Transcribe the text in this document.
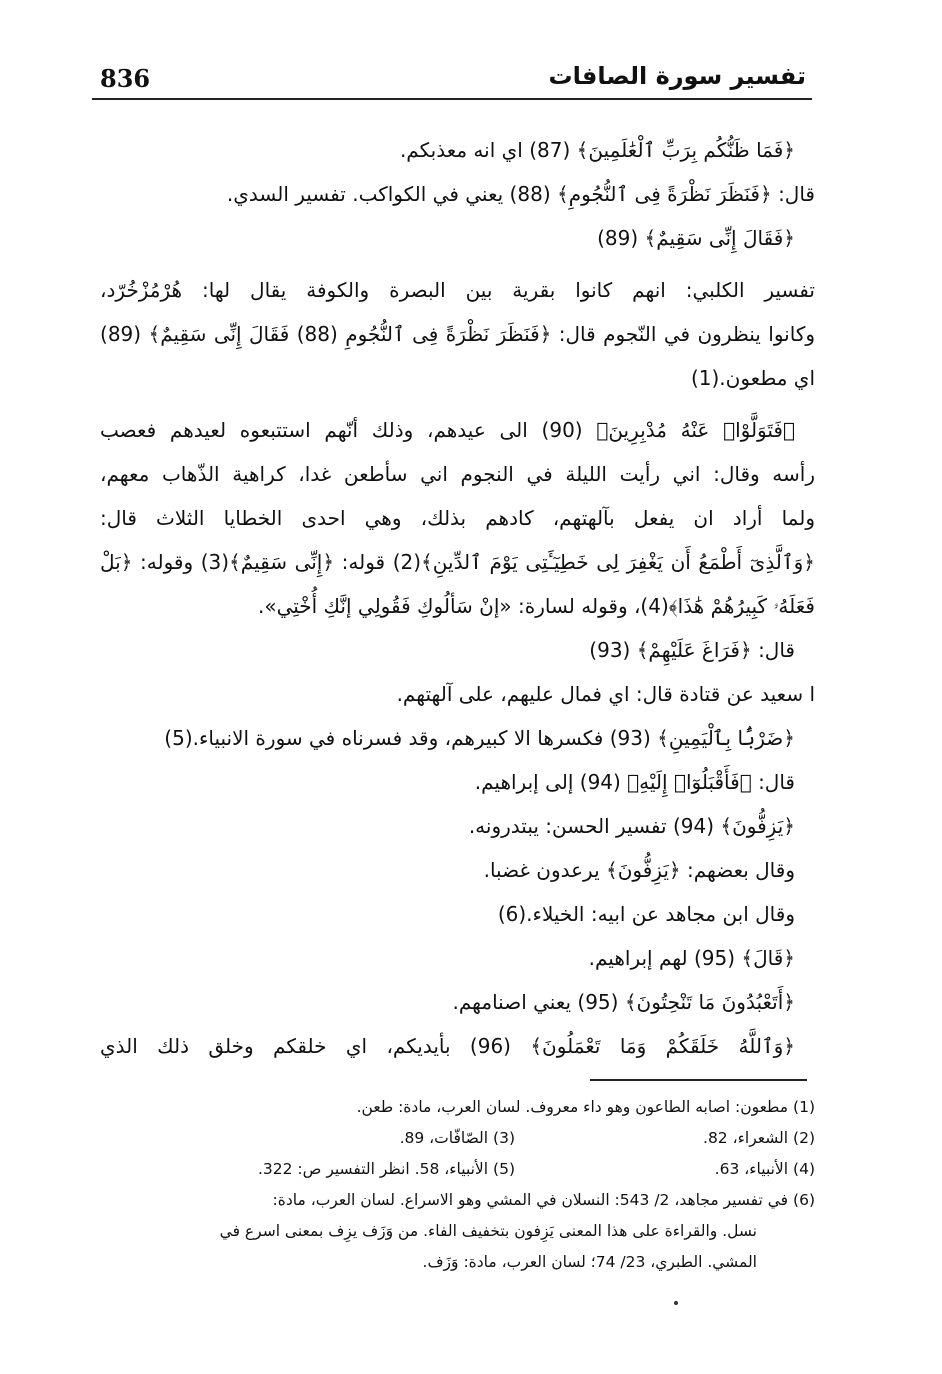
836	تفسير سورة الصافات
﴿فَمَا ظَنُّكُم بِرَبِّ ٱلْعَٰلَمِينَ﴾ (87) اي انه معذبكم.
قال: ﴿فَنَظَرَ نَظْرَةً فِى ٱلنُّجُومِ﴾ (88) يعني في الكواكب. تفسير السدي.
﴿فَقَالَ إِنِّى سَقِيمٌ﴾ (89)
تفسير الكلبي: انهم كانوا بقرية بين البصرة والكوفة يقال لها: هُرْمُزْخُرّد،
وكانوا ينظرون في النّجوم قال: ﴿فَنَظَرَ نَظْرَةً فِى ٱلنُّجُومِ (88) فَقَالَ إِنِّى سَقِيمٌ﴾ (89)
اي مطعون.(1)
﴿فَتَوَلَّوْا۟ عَنْهُ مُدْبِرِينَ﴾ (90) الى عيدهم، وذلك أنّهم استتبعوه لعيدهم فعصب
رأسه وقال: اني رأيت الليلة في النجوم اني سأطعن غدا، كراهية الذّهاب معهم،
ولما أراد ان يفعل بآلهتهم، كادهم بذلك، وهي احدى الخطايا الثلاث قال:
﴿وَٱلَّذِىٓ أَطْمَعُ أَن يَغْفِرَ لِى خَطِيٓـَٔتِى يَوْمَ ٱلدِّينِ﴾(2) قوله: ﴿إِنِّى سَقِيمٌ﴾(3) وقوله: ﴿بَلْ
فَعَلَهُۥ كَبِيرُهُمْ هَٰذَا﴾(4)، وقوله لسارة: «إنْ سَألُوكِ فَقُولِي إنَّكِ أُخْتِي».
قال: ﴿فَرَاغَ عَلَيْهِمْ﴾ (93)
ا سعيد عن قتادة قال: اي فمال عليهم، على آلهتهم.
﴿ضَرْبًۢا بِٱلْيَمِينِ﴾ (93) فكسرها الا كبيرهم، وقد فسرناه في سورة الانبياء.(5)
قال: ﴿فَأَقْبَلُوٓا۟ إِلَيْهِ﴾ (94) إلى إبراهيم.
﴿يَزِفُّونَ﴾ (94) تفسير الحسن: يبتدرونه.
وقال بعضهم: ﴿يَزِفُّونَ﴾ يرعدون غضبا.
وقال ابن مجاهد عن ابيه: الخيلاء.(6)
﴿قَالَ﴾ (95) لهم إبراهيم.
﴿أَتَعْبُدُونَ مَا تَنْحِتُونَ﴾ (95) يعني اصنامهم.
﴿وَٱللَّهُ خَلَقَكُمْ وَمَا تَعْمَلُونَ﴾ (96) بأيديكم، اي خلقكم وخلق ذلك الذي
(1) مطعون: اصابه الطاعون وهو داء معروف. لسان العرب، مادة: طعن.
(2) الشعراء، 82.
(3) الصّافّات، 89.
(4) الأنبياء، 63.
(5) الأنبياء، 58. انظر التفسير ص: 322.
(6) في تفسير مجاهد، 2/ 543: النسلان في المشي وهو الاسراع. لسان العرب، مادة:
نسل. والقراءة على هذا المعنى يَزِفون بتخفيف الفاء. من وَزَف يزِف بمعنى اسرع في
المشي. الطبري، 23/ 74؛ لسان العرب، مادة: وَزَف.
